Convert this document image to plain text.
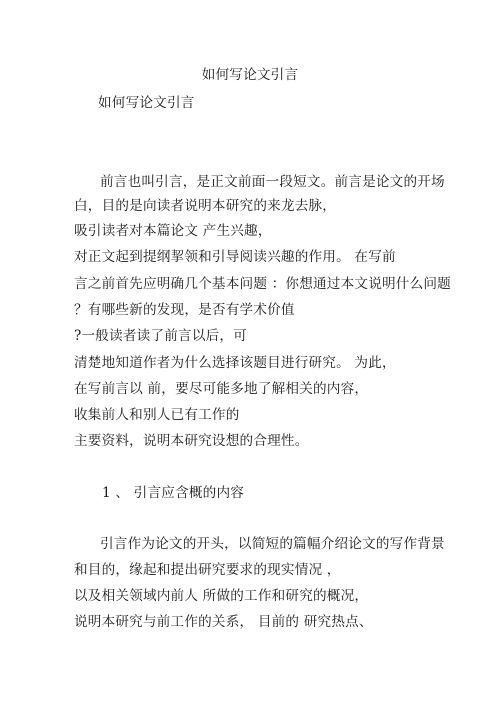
如何写论文引言
如何写论文引言
前言也叫引言，是正文前面一段短文。前言是论文的开场
白，目的是向读者说明本研究的来龙去脉，
吸引读者对本篇论文 产生兴趣，
对正文起到提纲挈领和引导阅读兴趣的作用。 在写前
言之前首先应明确几个基本问题 ：你想通过本文说明什么问题
？有哪些新的发现，是否有学术价值
?一般读者读了前言以后，可
清楚地知道作者为什么选择该题目进行研究。 为此，
在写前言以 前，要尽可能多地了解相关的内容，
收集前人和别人已有工作的
主要资料，说明本研究设想的合理性。
1 、 引言应含概的内容
引言作为论文的开头，以简短的篇幅介绍论文的写作背景
和目的，缘起和提出研究要求的现实情况 ，
以及相关领域内前人 所做的工作和研究的概况，
说明本研究与前工作的关系， 目前的 研究热点、
